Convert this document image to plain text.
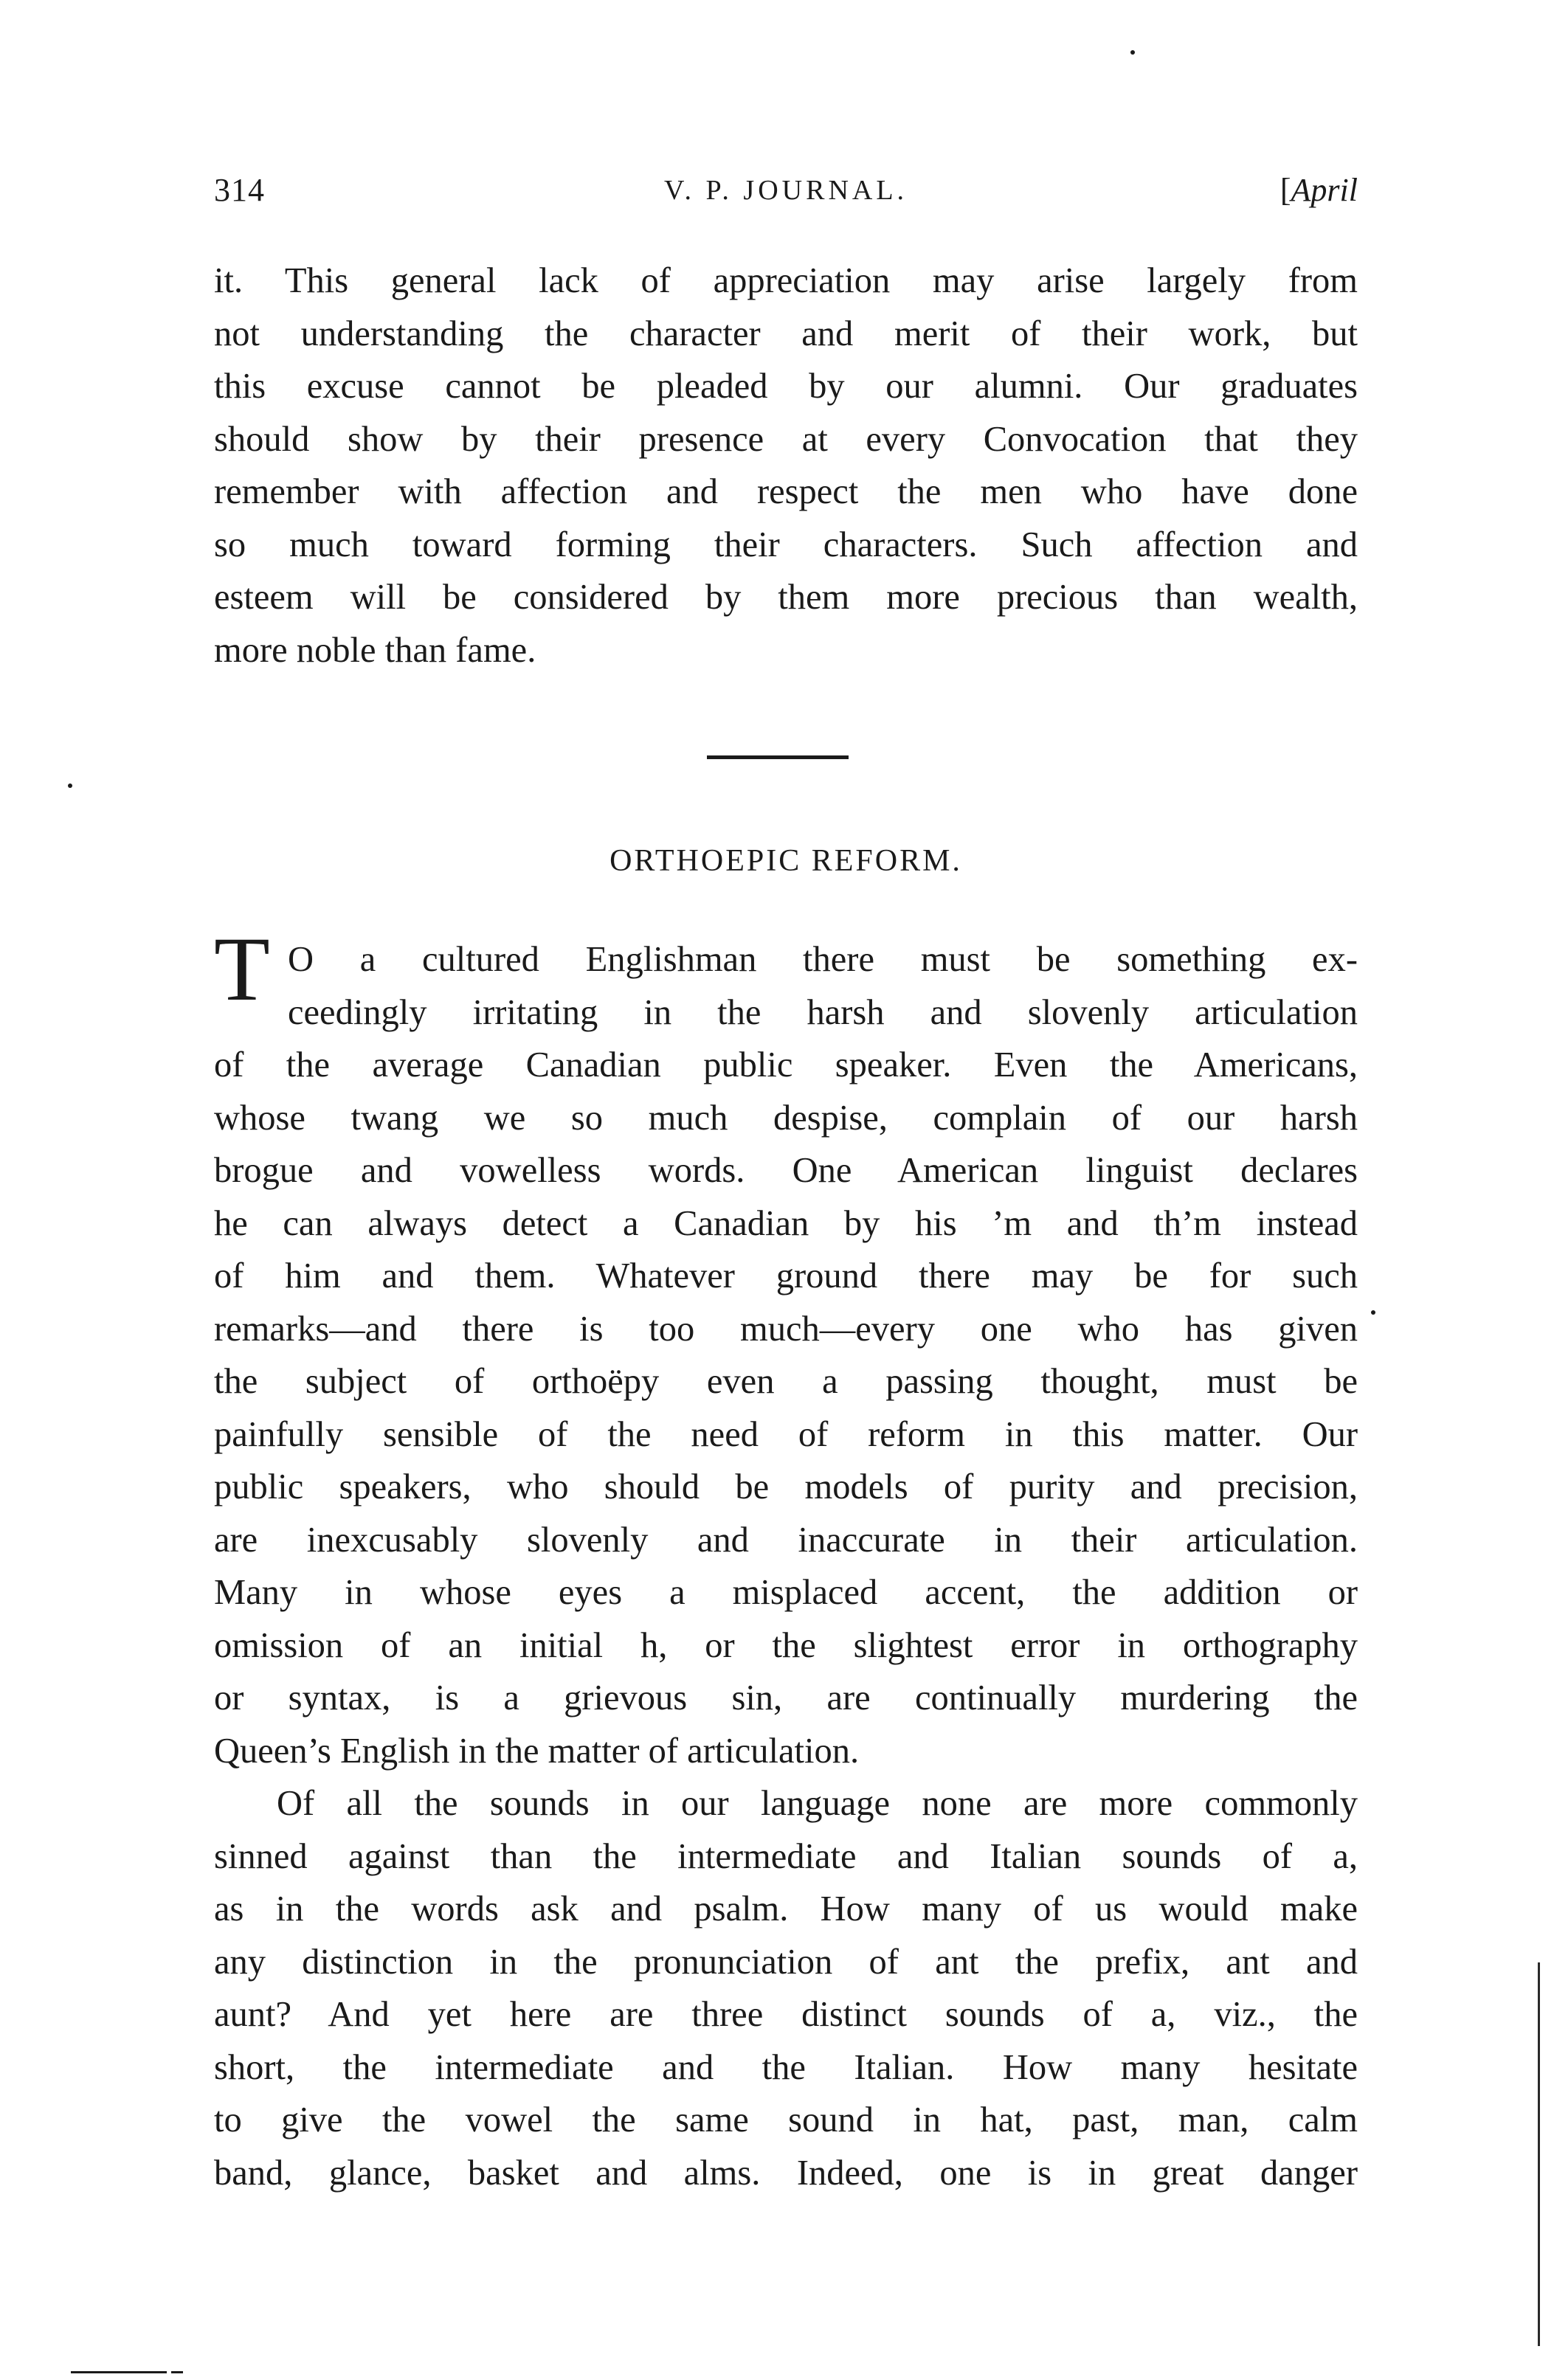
314	V. P. JOURNAL.	[April
it. This general lack of appreciation may arise largely from
not understanding the character and merit of their work, but
this excuse cannot be pleaded by our alumni. Our graduates
should show by their presence at every Convocation that they
remember with affection and respect the men who have done
so much toward forming their characters. Such affection and
esteem will be considered by them more precious than wealth,
more noble than fame.
ORTHOEPIC REFORM.
T O a cultured Englishman there must be something ex-
ceedingly irritating in the harsh and slovenly articulation
of the average Canadian public speaker. Even the Americans,
whose twang we so much despise, complain of our harsh
brogue and vowelless words. One American linguist declares
he can always detect a Canadian by his ’m and th’m instead
of him and them. Whatever ground there may be for such
remarks—and there is too much—every one who has given
the subject of orthoëpy even a passing thought, must be
painfully sensible of the need of reform in this matter. Our
public speakers, who should be models of purity and precision,
are inexcusably slovenly and inaccurate in their articulation.
Many in whose eyes a misplaced accent, the addition or
omission of an initial h, or the slightest error in orthography
or syntax, is a grievous sin, are continually murdering the
Queen’s English in the matter of articulation.
Of all the sounds in our language none are more commonly
sinned against than the intermediate and Italian sounds of a,
as in the words ask and psalm. How many of us would make
any distinction in the pronunciation of ant the prefix, ant and
aunt? And yet here are three distinct sounds of a, viz., the
short, the intermediate and the Italian. How many hesitate
to give the vowel the same sound in hat, past, man, calm
band, glance, basket and alms. Indeed, one is in great danger
